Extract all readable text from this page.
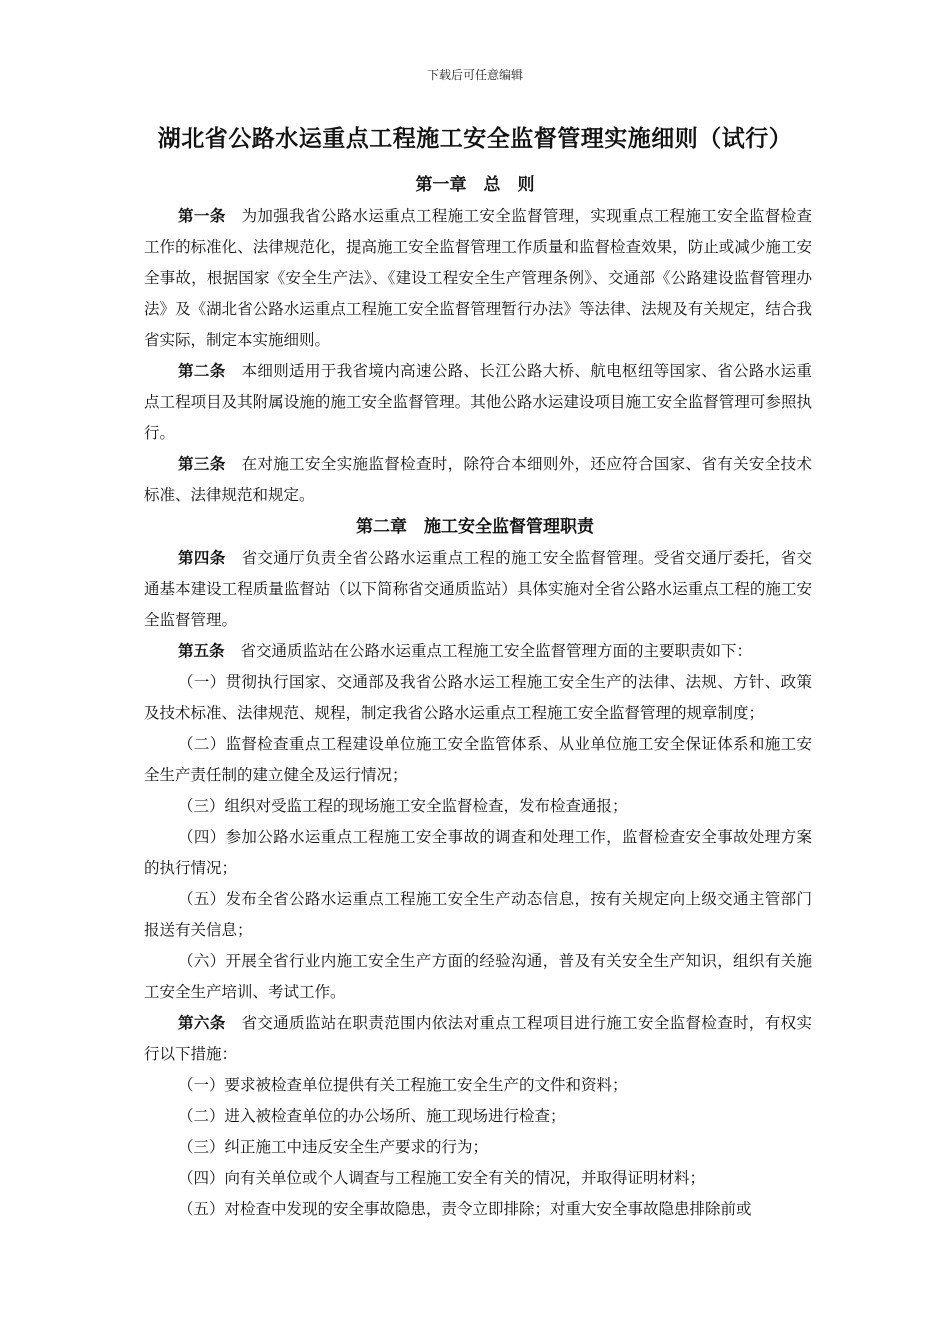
下载后可任意编辑
湖北省公路水运重点工程施工安全监督管理实施细则（试行）
第一章　总　则

第一条 为加强我省公路水运重点工程施工安全监督管理，实现重点工程施工安全监督检查工作的标准化、法律规范化，提高施工安全监督管理工作质量和监督检查效果，防止或减少施工安全事故，根据国家《安全生产法》、《建设工程安全生产管理条例》、交通部《公路建设监督管理办法》及《湖北省公路水运重点工程施工安全监督管理暂行办法》等法律、法规及有关规定，结合我省实际，制定本实施细则。

第二条 本细则适用于我省境内高速公路、长江公路大桥、航电枢纽等国家、省公路水运重点工程项目及其附属设施的施工安全监督管理。其他公路水运建设项目施工安全监督管理可参照执行。

第三条 在对施工安全实施监督检查时，除符合本细则外，还应符合国家、省有关安全技术标准、法律规范和规定。

第二章　施工安全监督管理职责

第四条 省交通厅负责全省公路水运重点工程的施工安全监督管理。受省交通厅委托，省交通基本建设工程质量监督站（以下简称省交通质监站）具体实施对全省公路水运重点工程的施工安全监督管理。

第五条 省交通质监站在公路水运重点工程施工安全监督管理方面的主要职责如下：

（一）贯彻执行国家、交通部及我省公路水运工程施工安全生产的法律、法规、方针、政策及技术标准、法律规范、规程，制定我省公路水运重点工程施工安全监督管理的规章制度；

（二）监督检查重点工程建设单位施工安全监管体系、从业单位施工安全保证体系和施工安全生产责任制的建立健全及运行情况；

（三）组织对受监工程的现场施工安全监督检查，发布检查通报；

（四）参加公路水运重点工程施工安全事故的调查和处理工作，监督检查安全事故处理方案的执行情况；

（五）发布全省公路水运重点工程施工安全生产动态信息，按有关规定向上级交通主管部门报送有关信息；

（六）开展全省行业内施工安全生产方面的经验沟通，普及有关安全生产知识，组织有关施工安全生产培训、考试工作。

第六条 省交通质监站在职责范围内依法对重点工程项目进行施工安全监督检查时，有权实行以下措施：

（一）要求被检查单位提供有关工程施工安全生产的文件和资料；

（二）进入被检查单位的办公场所、施工现场进行检查；

（三）纠正施工中违反安全生产要求的行为；

（四）向有关单位或个人调查与工程施工安全有关的情况，并取得证明材料；

（五）对检查中发现的安全事故隐患，责令立即排除；对重大安全事故隐患排除前或
